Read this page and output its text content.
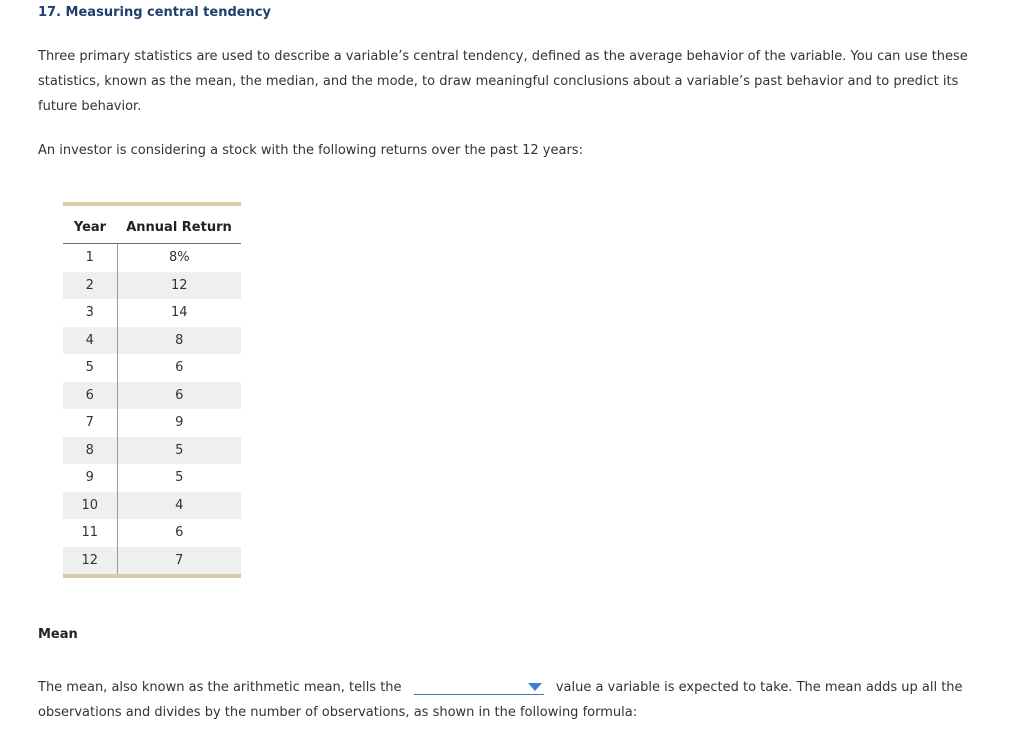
17. Measuring central tendency
Three primary statistics are used to describe a variable’s central tendency, defined as the average behavior of the variable. You can use these statistics, known as the mean, the median, and the mode, to draw meaningful conclusions about a variable’s past behavior and to predict its future behavior.
An investor is considering a stock with the following returns over the past 12 years:
Year	Annual Return
1	8%
2	12
3	14
4	8
5	6
6	6
7	9
8	5
9	5
10	4
11	6
12	7

Mean
The mean, also known as the arithmetic mean, tells the	value a variable is expected to take. The mean adds up all the observations and divides by the number of observations, as shown in the following formula:
